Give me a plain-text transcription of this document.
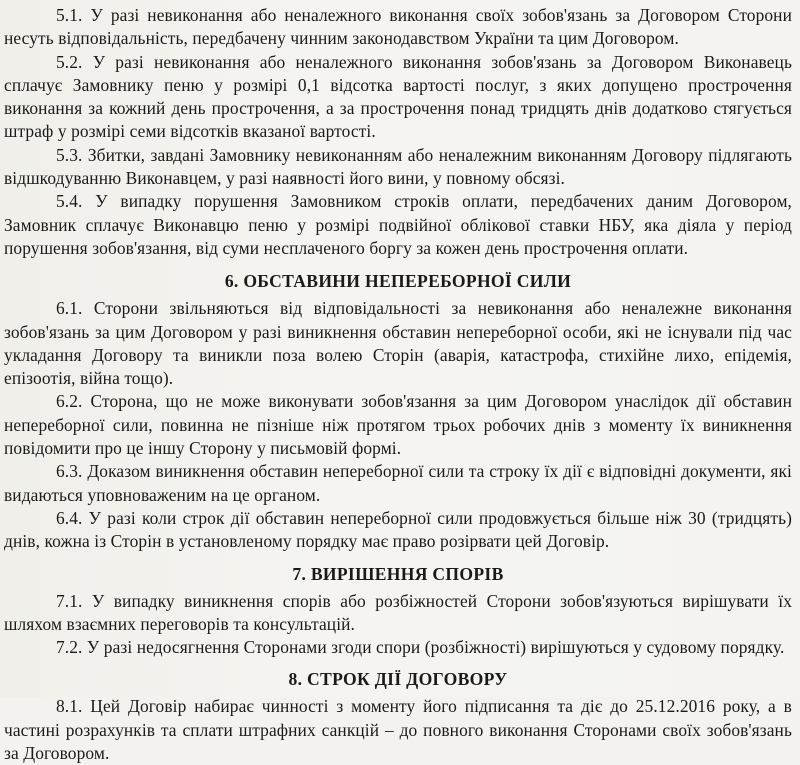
5.1. У разі невиконання або неналежного виконання своїх зобов'язань за Договором Сторони несуть відповідальність, передбачену чинним законодавством України та цим Договором.

5.2. У разі невиконання або неналежного виконання зобов'язань за Договором Виконавець сплачує Замовнику пеню у розмірі 0,1 відсотка вартості послуг, з яких допущено прострочення виконання за кожний день прострочення, а за прострочення понад тридцять днів додатково стягується штраф у розмірі семи відсотків вказаної вартості.

5.3. Збитки, завдані Замовнику невиконанням або неналежним виконанням Договору підлягають відшкодуванню Виконавцем, у разі наявності його вини, у повному обсязі.

5.4. У випадку порушення Замовником строків оплати, передбачених даним Договором, Замовник сплачує Виконавцю пеню у розмірі подвійної облікової ставки НБУ, яка діяла у період порушення зобов'язання, від суми несплаченого боргу за кожен день прострочення оплати.

6. ОБСТАВИНИ НЕПЕРЕБОРНОЇ СИЛИ

6.1. Сторони звільняються від відповідальності за невиконання або неналежне виконання зобов'язань за цим Договором у разі виникнення обставин непереборної особи, які не існували під час укладання Договору та виникли поза волею Сторін (аварія, катастрофа, стихійне лихо, епідемія, епізоотія, війна тощо).

6.2. Сторона, що не може виконувати зобов'язання за цим Договором унаслідок дії обставин непереборної сили, повинна не пізніше ніж протягом трьох робочих днів з моменту їх виникнення повідомити про це іншу Сторону у письмовій формі.

6.3. Доказом виникнення обставин непереборної сили та строку їх дії є відповідні документи, які видаються уповноваженим на це органом.

6.4. У разі коли строк дії обставин непереборної сили продовжується більше ніж 30 (тридцять) днів, кожна із Сторін в установленому порядку має право розірвати цей Договір.

7. ВИРІШЕННЯ СПОРІВ

7.1. У випадку виникнення спорів або розбіжностей Сторони зобов'язуються вирішувати їх шляхом взаємних переговорів та консультацій.

7.2. У разі недосягнення Сторонами згоди спори (розбіжності) вирішуються у судовому порядку.

8. СТРОК ДІЇ ДОГОВОРУ

8.1. Цей Договір набирає чинності з моменту його підписання та діє до 25.12.2016 року, а в частині розрахунків та сплати штрафних санкцій – до повного виконання Сторонами своїх зобов'язань за Договором.
